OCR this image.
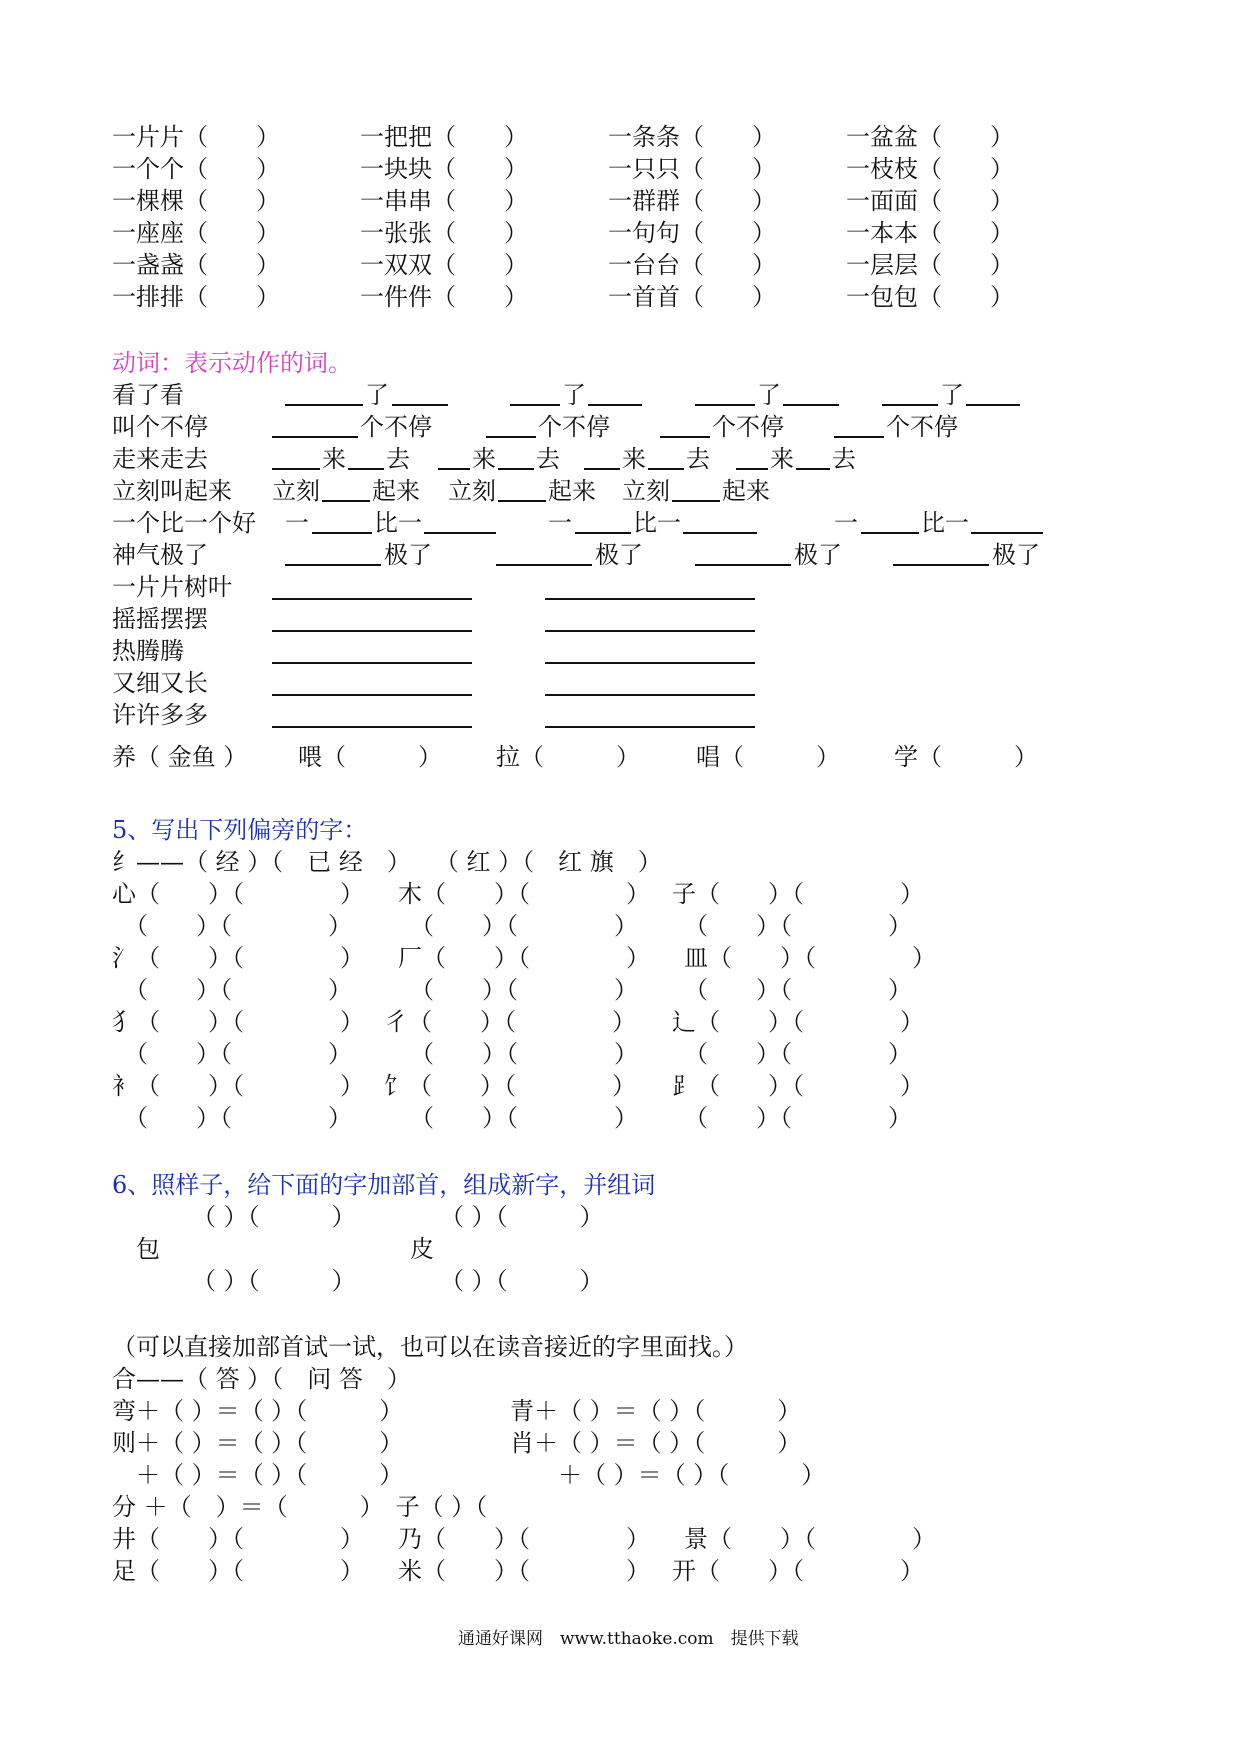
一片片（　　）	一把把（　　）	一条条（　　）	一盆盆（　　）
一个个（　　）	一块块（　　）	一只只（　　）	一枝枝（　　）
一棵棵（　　）	一串串（　　）	一群群（　　）	一面面（　　）
一座座（　　）	一张张（　　）	一句句（　　）	一本本（　　）
一盏盏（　　）	一双双（　　）	一台台（　　）	一层层（　　）
一排排（　　）	一件件（　　）	一首首（　　）	一包包（　　）
动词：表示动作的词。
看了看	了	了	了	了
叫个不停	个不停	个不停	个不停	个不停
走来走去	来 去	来 去	来 去	来 去
立刻叫起来 立刻 起来 立刻 起来 立刻 起来
一个比一个好 一	比一	一	比一	一	比一
神气极了	极了	极了	极了	极了
一片片树叶
摇摇摆摆
热腾腾
又细又长
许许多多
养（ 金鱼 ） 喂（　　　） 拉（　　　） 唱（　　　） 学（　　　）
5、写出下列偏旁的字：
纟——（ 经 ）（　已 经　）　　（ 红 ）（　红 旗　）
心（　　）（　　　　） 木（　　）（　　　　） 子（　　）（　　　　）
　（　　）（　　　　） 　（　　）（　　　　） 　（　　）（　　　　）
氵（　　）（　　　　） 厂（　　）（　　　　） 皿（　　）（　　　　）
　（　　）（　　　　） 　（　　）（　　　　） 　（　　）（　　　　）
犭（　　）（　　　　） 彳（　　）（　　　　） 辶（　　）（　　　　）
　（　　）（　　　　） 　（　　）（　　　　） 　（　　）（　　　　）
衤（　　）（　　　　） 饣（　　）（　　　　） ⻊（　　）（　　　　）
　（　　）（　　　　） 　（　　）（　　　　） 　（　　）（　　　　）
6、照样子，给下面的字加部首，组成新字，并组词
（ ）（　　　）	（ ）（　　　）
包	皮
（ ）（　　　）	（ ）（　　　）
（可以直接加部首试一试，也可以在读音接近的字里面找。）
合——（ 答 ）（　问 答　）
弯＋（ ）＝（ ）（　　　）	青＋（ ）＝（ ）（　　　）
则＋（ ）＝（ ）（　　　）	肖＋（ ）＝（ ）（　　　）
　＋（ ）＝（ ）（　　　）	　＋（ ）＝（ ）（　　　）
分 ＋（　）＝（　　　）　子（ ）（
井（　　）（　　　　） 乃（　　）（　　　　） 景（　　）（　　　　）
足（　　）（　　　　） 米（　　）（　　　　） 开（　　）（　　　　）
通通好课网　www.tthaoke.com　提供下载
